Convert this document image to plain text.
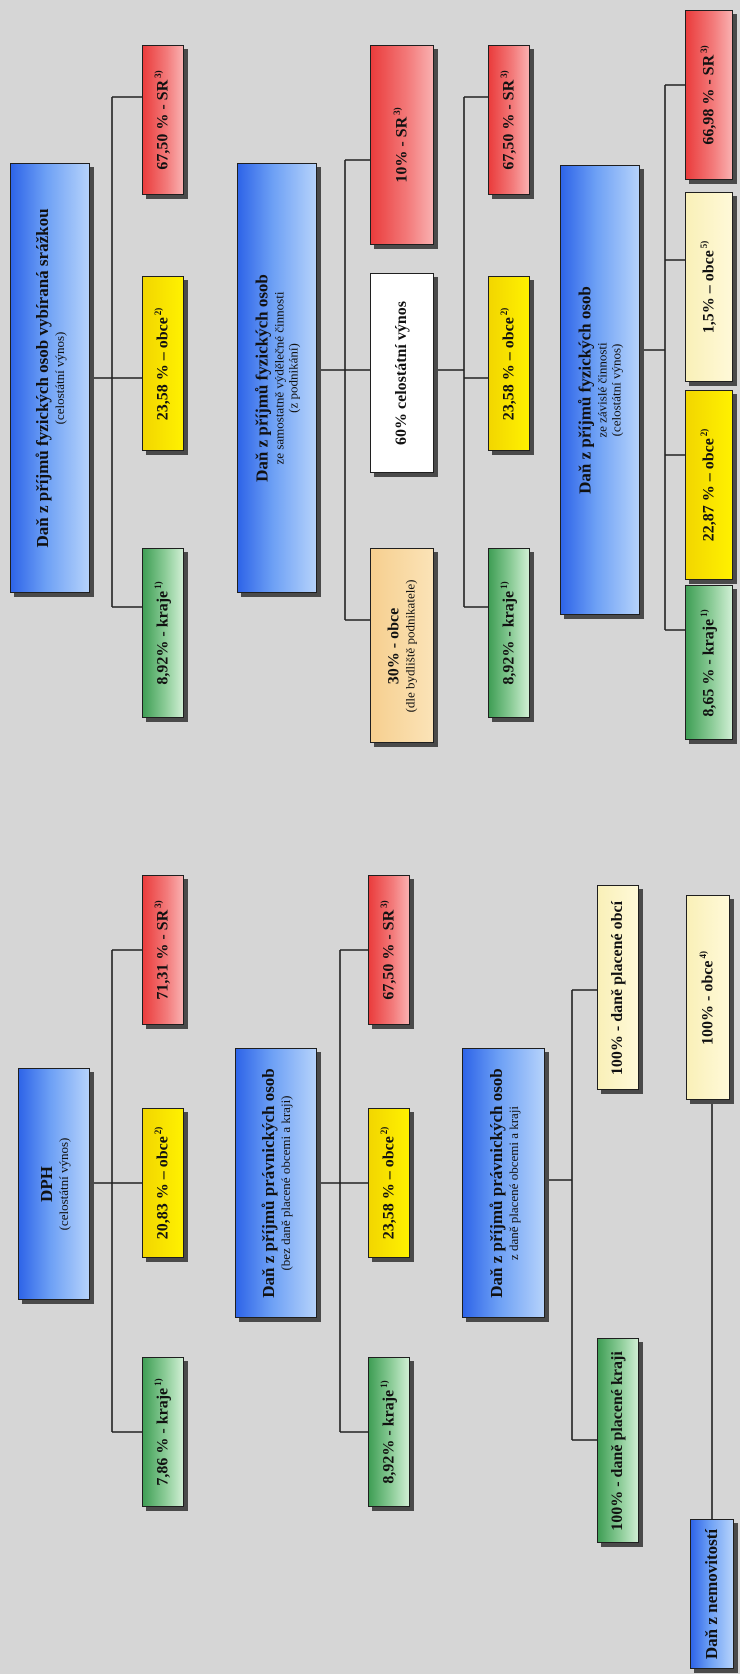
DPH (celostátní výnos)
71,31 % - SR$^{3)}$
20,83 % – obce$^{2)}$
7,86 % - kraje$^{1)}$
Daň z příjmů právnických osob (bez daně placené obcemi a kraji)
67,50 % - SR$^{3)}$
23,58 % – obce$^{2)}$
8,92% - kraje$^{1)}$
Daň z příjmů právnických osob z daně placené obcemi a kraji
100% - daně placené obcí
100% - daně placené kraji
Daň z nemovitostí
100% - obce$^{4)}$
Daň z příjmů fyzických osob vybíraná srážkou (celostátní výnos)
67,50 % - SR$^{3)}$
23,58 % – obce$^{2)}$
8,92% - kraje$^{1)}$
Daň z příjmů fyzických osob ze samostatně výdělečné činnosti (z podnikání)
10% - SR$^{3)}$
60% celostátní výnos
30% - obce (dle bydliště podnikatele)
67,50 % - SR$^{3)}$
23,58 % – obce$^{2)}$
8,92% - kraje$^{1)}$
Daň z příjmů fyzických osob ze závislé činnosti (celostátní výnos)
66,98 % - SR$^{3)}$
1,5% – obce$^{5)}$
22,87 % – obce$^{2)}$
8,65 % - kraje$^{1)}$
